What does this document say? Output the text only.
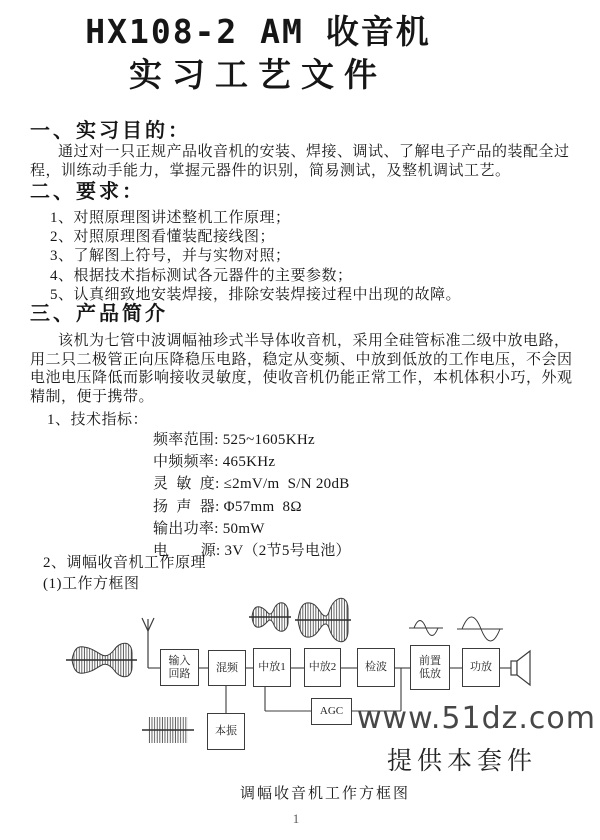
HX108-2 AM 收音机
实习工艺文件
一、实习目的：
通过对一只正规产品收音机的安装、焊接、调试、了解电子产品的装配全过
程，训练动手能力，掌握元器件的识别，简易测试，及整机调试工艺。
二、要求：
1、对照原理图讲述整机工作原理；
2、对照原理图看懂装配接线图；
3、了解图上符号，并与实物对照；
4、根据技术指标测试各元器件的主要参数；
5、认真细致地安装焊接，排除安装焊接过程中出现的故障。
三、产品简介
该机为七管中波调幅袖珍式半导体收音机，采用全硅管标准二级中放电路，
用二只二极管正向压降稳压电路，稳定从变频、中放到低放的工作电压，不会因
电池电压降低而影响接收灵敏度，使收音机仍能正常工作，本机体积小巧，外观
精制，便于携带。
1、技术指标：
频率范围: 525~1605KHz
中频频率: 465KHz
灵  敏  度: ≤2mV/m  S/N 20dB
扬  声  器: Φ57mm  8Ω
输出功率: 50mW
电        源: 3V（2节5号电池）
2、调幅收音机工作原理
(1)工作方框图
输入回路	混频	中放1	中放2	检波
前置低放
功放
本振
AGC www.51dz.com
提供本套件
调幅收音机工作方框图
1
